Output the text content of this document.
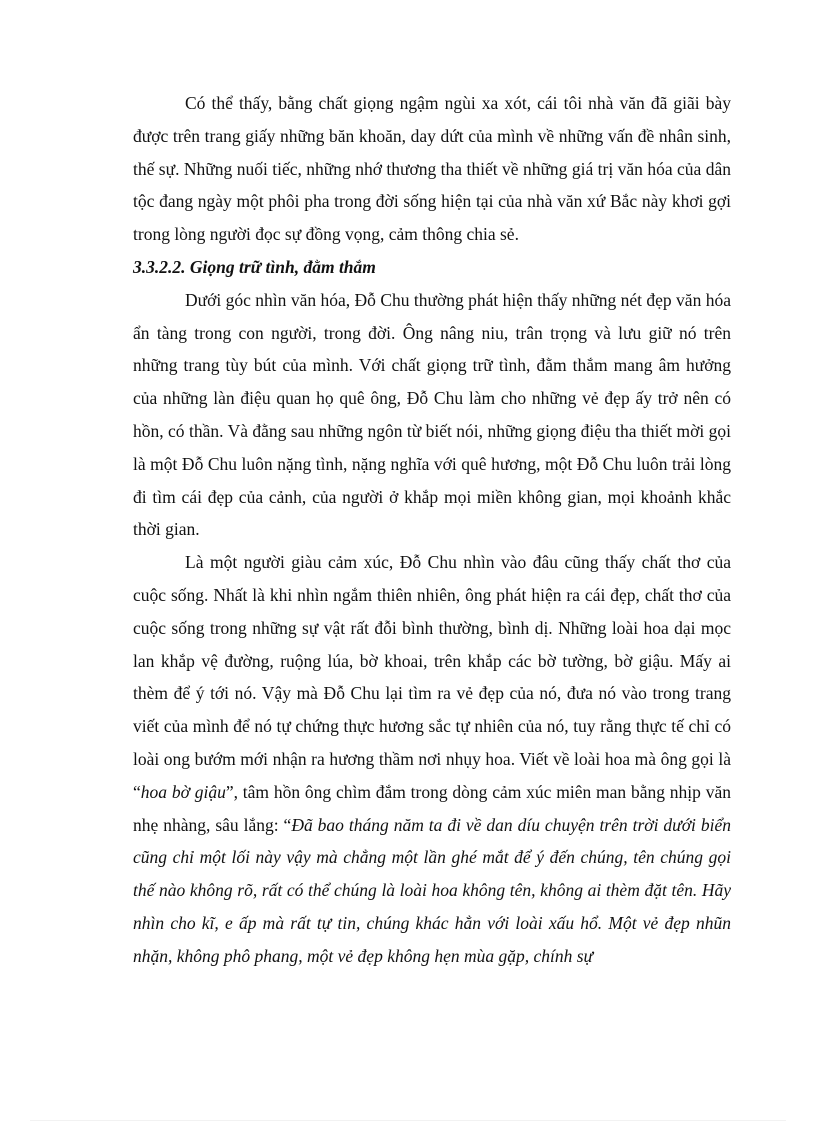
Có thể thấy, bằng chất giọng ngậm ngùi xa xót, cái tôi nhà văn đã giãi bày được trên trang giấy những băn khoăn, day dứt của mình về những vấn đề nhân sinh, thế sự. Những nuối tiếc, những nhớ thương tha thiết về những giá trị văn hóa của dân tộc đang ngày một phôi pha trong đời sống hiện tại của nhà văn xứ Bắc này khơi gợi trong lòng người đọc sự đồng vọng, cảm thông chia sẻ.

3.3.2.2. Giọng trữ tình, đằm thắm

Dưới góc nhìn văn hóa, Đỗ Chu thường phát hiện thấy những nét đẹp văn hóa ẩn tàng trong con người, trong đời. Ông nâng niu, trân trọng và lưu giữ nó trên những trang tùy bút của mình. Với chất giọng trữ tình, đằm thắm mang âm hưởng của những làn điệu quan họ quê ông, Đỗ Chu làm cho những vẻ đẹp ấy trở nên có hồn, có thần. Và đằng sau những ngôn từ biết nói, những giọng điệu tha thiết mời gọi là một Đỗ Chu luôn nặng tình, nặng nghĩa với quê hương, một Đỗ Chu luôn trải lòng đi tìm cái đẹp của cảnh, của người ở khắp mọi miền không gian, mọi khoảnh khắc thời gian.

Là một người giàu cảm xúc, Đỗ Chu nhìn vào đâu cũng thấy chất thơ của cuộc sống. Nhất là khi nhìn ngắm thiên nhiên, ông phát hiện ra cái đẹp, chất thơ của cuộc sống trong những sự vật rất đỗi bình thường, bình dị. Những loài hoa dại mọc lan khắp vệ đường, ruộng lúa, bờ khoai, trên khắp các bờ tường, bờ giậu. Mấy ai thèm để ý tới nó. Vậy mà Đỗ Chu lại tìm ra vẻ đẹp của nó, đưa nó vào trong trang viết của mình để nó tự chứng thực hương sắc tự nhiên của nó, tuy rằng thực tế chỉ có loài ong bướm mới nhận ra hương thầm nơi nhụy hoa. Viết về loài hoa mà ông gọi là “hoa bờ giậu”, tâm hồn ông chìm đắm trong dòng cảm xúc miên man bằng nhịp văn nhẹ nhàng, sâu lắng: “Đã bao tháng năm ta đi về dan díu chuyện trên trời dưới biển cũng chỉ một lối này vậy mà chẳng một lần ghé mắt để ý đến chúng, tên chúng gọi thế nào không rõ, rất có thể chúng là loài hoa không tên, không ai thèm đặt tên. Hãy nhìn cho kĩ, e ấp mà rất tự tin, chúng khác hẳn với loài xấu hổ. Một vẻ đẹp nhũn nhặn, không phô phang, một vẻ đẹp không hẹn mùa gặp, chính sự
